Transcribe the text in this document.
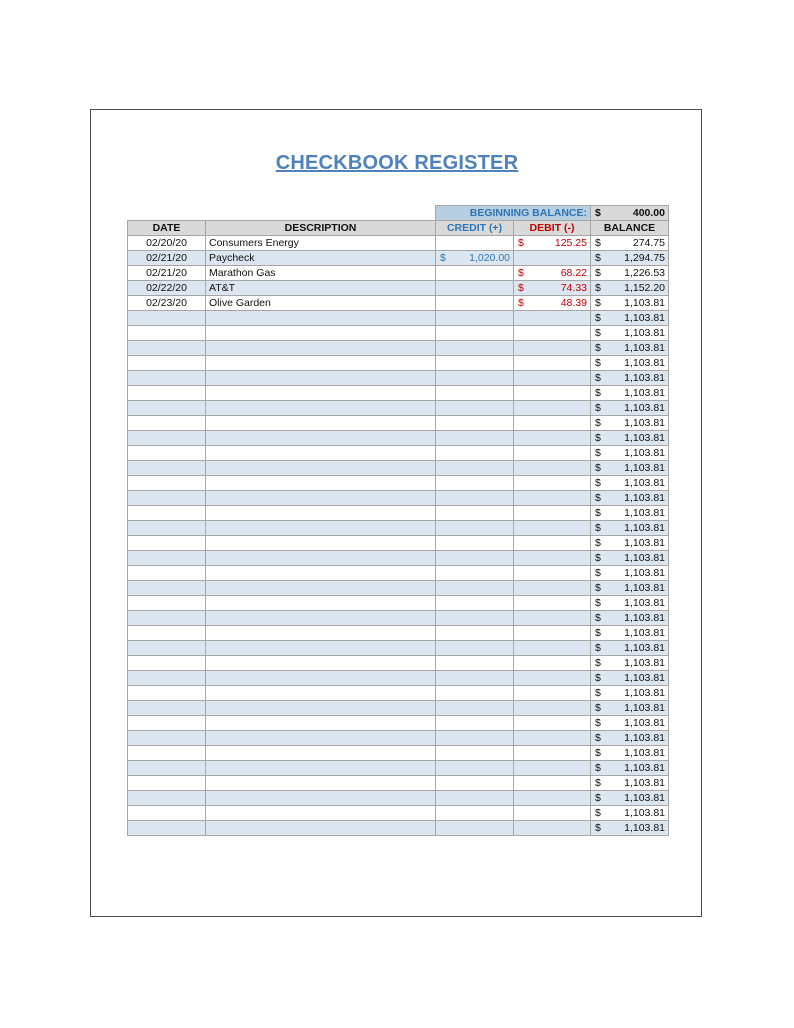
CHECKBOOK REGISTER
		BEGINNING BALANCE:		$ 400.00

DATE	DESCRIPTION	CREDIT (+)	DEBIT (-)	BALANCE
02/20/20	Consumers Energy		$ 125.25	$ 274.75

02/21/20	Paycheck	$ 1,020.00		$ 1,294.75

02/21/20	Marathon Gas		$ 68.22	$ 1,226.53

02/22/20	AT&T		$ 74.33	$ 1,152.20

02/23/20	Olive Garden		$ 48.39	$ 1,103.81

				$ 1,103.81

				$ 1,103.81

				$ 1,103.81

				$ 1,103.81

				$ 1,103.81

				$ 1,103.81

				$ 1,103.81

				$ 1,103.81

				$ 1,103.81

				$ 1,103.81

				$ 1,103.81

				$ 1,103.81

				$ 1,103.81

				$ 1,103.81

				$ 1,103.81

				$ 1,103.81

				$ 1,103.81

				$ 1,103.81

				$ 1,103.81

				$ 1,103.81

				$ 1,103.81

				$ 1,103.81

				$ 1,103.81

				$ 1,103.81

				$ 1,103.81

				$ 1,103.81

				$ 1,103.81

				$ 1,103.81

				$ 1,103.81

				$ 1,103.81

				$ 1,103.81

				$ 1,103.81

				$ 1,103.81

				$ 1,103.81

				$ 1,103.81
